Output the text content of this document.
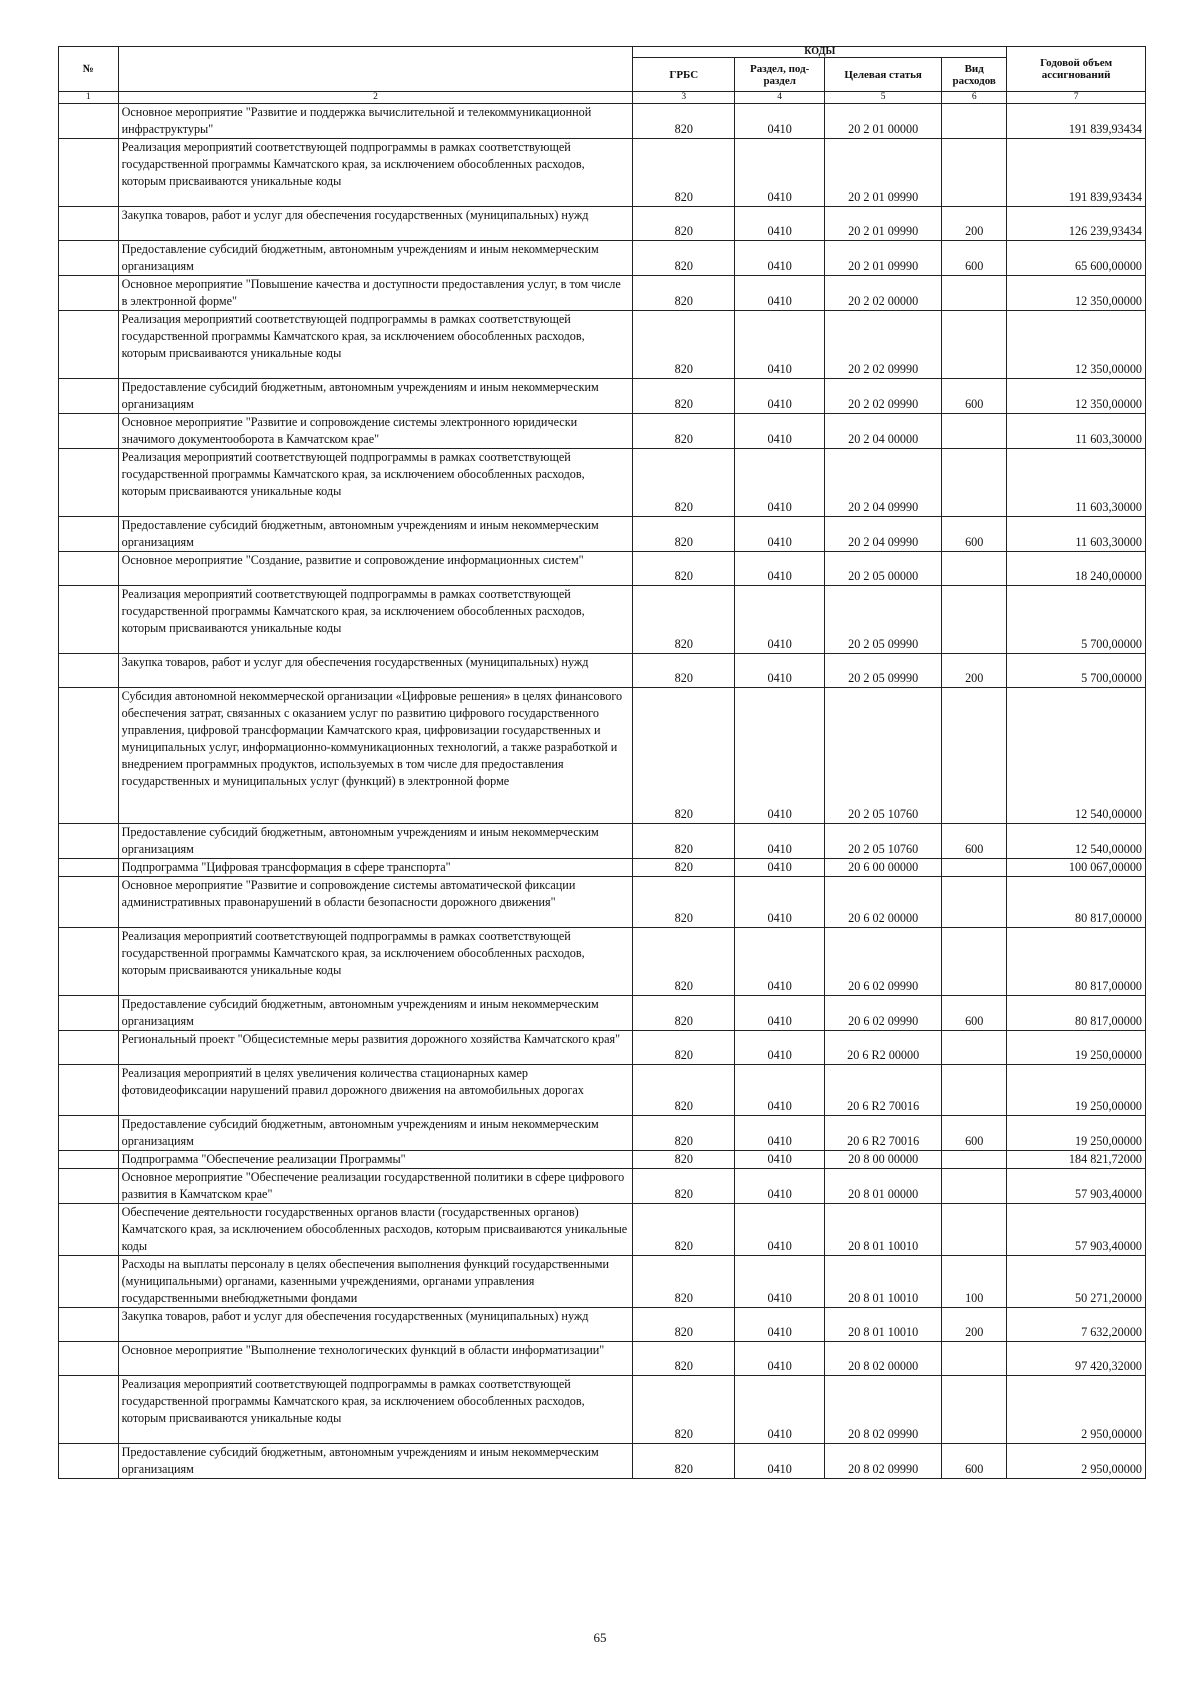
№		КОДЫ				Годовой объем ассигнований
		ГРБС	Раздел, под-раздел	Целевая статья	Вид расходов	
1	2	3	4	5	6	7
	Основное мероприятие "Развитие и поддержка вычислительной и телекоммуникационной инфраструктуры"	820	0410	20 2 01 00000		191 839,93434
	Реализация мероприятий соответствующей подпрограммы в рамках соответствующей государственной программы Камчатского края, за исключением обособленных расходов, которым присваиваются уникальные коды	820	0410	20 2 01 09990		191 839,93434
	Закупка товаров, работ и услуг для обеспечения государственных (муниципальных) нужд	820	0410	20 2 01 09990	200	126 239,93434
	Предоставление субсидий бюджетным, автономным учреждениям и иным некоммерческим организациям	820	0410	20 2 01 09990	600	65 600,00000
	Основное мероприятие "Повышение качества и доступности предоставления услуг, в том числе в электронной форме"	820	0410	20 2 02 00000		12 350,00000
	Реализация мероприятий соответствующей подпрограммы в рамках соответствующей государственной программы Камчатского края, за исключением обособленных расходов, которым присваиваются уникальные коды	820	0410	20 2 02 09990		12 350,00000
	Предоставление субсидий бюджетным, автономным учреждениям и иным некоммерческим организациям	820	0410	20 2 02 09990	600	12 350,00000
	Основное мероприятие "Развитие и сопровождение системы электронного юридически значимого документооборота в Камчатском крае"	820	0410	20 2 04 00000		11 603,30000
	Реализация мероприятий соответствующей подпрограммы в рамках соответствующей государственной программы Камчатского края, за исключением обособленных расходов, которым присваиваются уникальные коды	820	0410	20 2 04 09990		11 603,30000
	Предоставление субсидий бюджетным, автономным учреждениям и иным некоммерческим организациям	820	0410	20 2 04 09990	600	11 603,30000
	Основное мероприятие "Создание, развитие и сопровождение информационных систем"	820	0410	20 2 05 00000		18 240,00000
	Реализация мероприятий соответствующей подпрограммы в рамках соответствующей государственной программы Камчатского края, за исключением обособленных расходов, которым присваиваются уникальные коды	820	0410	20 2 05 09990		5 700,00000
	Закупка товаров, работ и услуг для обеспечения государственных (муниципальных) нужд	820	0410	20 2 05 09990	200	5 700,00000
	Субсидия автономной некоммерческой организации «Цифровые решения» в целях финансового обеспечения затрат, связанных с оказанием услуг по развитию цифрового государственного управления, цифровой трансформации Камчатского края, цифровизации государственных и муниципальных услуг, информационно-коммуникационных технологий, а также разработкой и внедрением программных продуктов, используемых в том числе для предоставления государственных и муниципальных услуг (функций) в электронной форме	820	0410	20 2 05 10760		12 540,00000
	Предоставление субсидий бюджетным, автономным учреждениям и иным некоммерческим организациям	820	0410	20 2 05 10760	600	12 540,00000
	Подпрограмма "Цифровая трансформация в сфере транспорта"	820	0410	20 6 00 00000		100 067,00000
	Основное мероприятие "Развитие и сопровождение системы автоматической фиксации административных правонарушений в области безопасности дорожного движения"	820	0410	20 6 02 00000		80 817,00000
	Реализация мероприятий соответствующей подпрограммы в рамках соответствующей государственной программы Камчатского края, за исключением обособленных расходов, которым присваиваются уникальные коды	820	0410	20 6 02 09990		80 817,00000
	Предоставление субсидий бюджетным, автономным учреждениям и иным некоммерческим организациям	820	0410	20 6 02 09990	600	80 817,00000
	Региональный проект "Общесистемные меры развития дорожного хозяйства Камчатского края"	820	0410	20 6 R2 00000		19 250,00000
	Реализация мероприятий в целях увеличения количества стационарных камер фотовидеофиксации нарушений правил дорожного движения на автомобильных дорогах	820	0410	20 6 R2 70016		19 250,00000
	Предоставление субсидий бюджетным, автономным учреждениям и иным некоммерческим организациям	820	0410	20 6 R2 70016	600	19 250,00000
	Подпрограмма "Обеспечение реализации Программы"	820	0410	20 8 00 00000		184 821,72000
	Основное мероприятие "Обеспечение реализации государственной политики в сфере цифрового развития в Камчатском крае"	820	0410	20 8 01 00000		57 903,40000
	Обеспечение деятельности государственных органов власти (государственных органов) Камчатского края, за исключением обособленных расходов, которым присваиваются уникальные коды	820	0410	20 8 01 10010		57 903,40000
	Расходы на выплаты персоналу в целях обеспечения выполнения функций государственными (муниципальными) органами, казенными учреждениями, органами управления государственными внебюджетными фондами	820	0410	20 8 01 10010	100	50 271,20000
	Закупка товаров, работ и услуг для обеспечения государственных (муниципальных) нужд	820	0410	20 8 01 10010	200	7 632,20000
	Основное мероприятие "Выполнение технологических функций в области информатизации"	820	0410	20 8 02 00000		97 420,32000
	Реализация мероприятий соответствующей подпрограммы в рамках соответствующей государственной программы Камчатского края, за исключением обособленных расходов, которым присваиваются уникальные коды	820	0410	20 8 02 09990		2 950,00000
	Предоставление субсидий бюджетным, автономным учреждениям и иным некоммерческим организациям	820	0410	20 8 02 09990	600	2 950,00000
65
